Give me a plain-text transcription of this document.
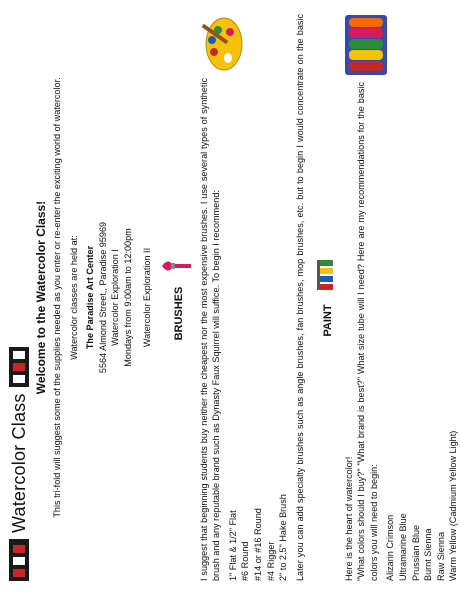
Watercolor Class
Welcome to the Watercolor Class! This tri-fold will suggest some of the supplies needed as you enter or re-enter the exciting world of watercolor. Watercolor classes are held at: The Paradise Art Center 5564 Almond Street,, Paradise 95969 Watercolor Exploration I Mondays from 9:00am to 12:00pm Watercolor Exploration II BRUSHES I suggest that beginning students buy neither the cheapest nor the most expensive brushes. I use several types of synthetic brush and any reputable brand such as Dynasty Faux Squirrel will suffice. To begin I recommend: 1" Flat & 1/2" Flat #6 Round #14 or #16 Round #4 Rigger 2" to 2.5" Hake Brush Later you can add specialty brushes such as angle brushes, fan brushes, mop brushes, etc. but to begin I would concentrate on the basic

PAINT
Here is the heart of watercolor! "What colors should I buy?" "What brand is best?" What size tube will I need? Here are my recommendations for the basic colors you will need to begin: Alizarin Crimson Ultramarine Blue Prussian Blue Burnt Sienna Raw Sienna Warm Yellow (Cadmium Yellow Light)
